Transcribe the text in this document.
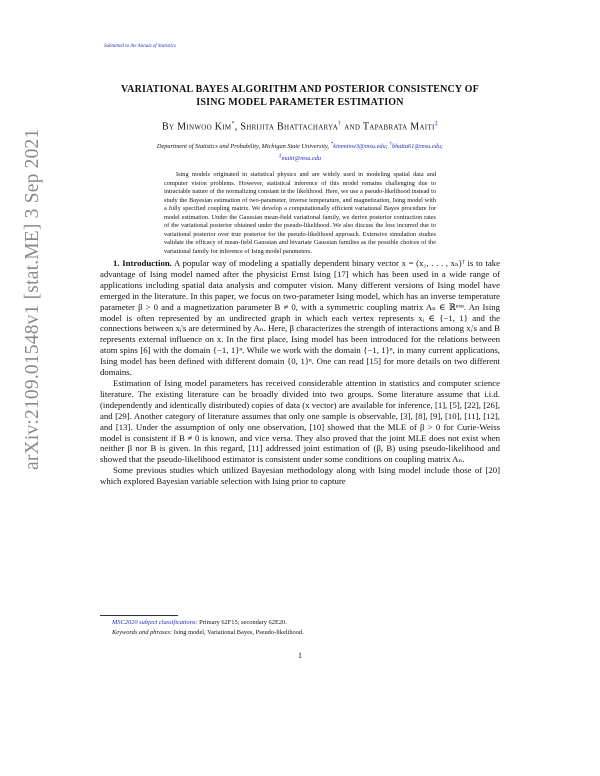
Submitted to the Annals of Statistics
arXiv:2109.01548v1 [stat.ME] 3 Sep 2021
VARIATIONAL BAYES ALGORITHM AND POSTERIOR CONSISTENCY OF
ISING MODEL PARAMETER ESTIMATION
By Minwoo Kim*, Shrijita Bhattacharya† and Tapabrata Maiti‡
Department of Statistics and Probability, Michigan State University, *kimminw3@msu.edu; †bhatta61@msu.edu;
‡maiti@msu.edu
Ising models originated in statistical physics and are widely used in modeling spatial data and computer vision problems. However, statistical inference of this model remains challenging due to intractable nature of the normalizing constant in the likelihood. Here, we use a pseudo-likelihood instead to study the Bayesian estimation of two-parameter, inverse temperature, and magnetization, Ising model with a fully specified coupling matrix. We develop a computationally efficient variational Bayes procedure for model estimation. Under the Gaussian mean-field variational family, we derive posterior contraction rates of the variational posterior obtained under the pseudo-likelihood. We also discuss the loss incurred due to variational posterior over true posterior for the pseudo-likelihood approach. Extensive simulation studies validate the efficacy of mean-field Gaussian and bivariate Gaussian families as the possible choices of the variational family for inference of Ising model parameters.

1. Introduction. A popular way of modeling a spatially dependent binary vector x = (x₁, . . . , xₙ)ᵀ is to take advantage of Ising model named after the physicist Ernst Ising [17] which has been used in a wide range of applications including spatial data analysis and computer vision. Many different versions of Ising model have emerged in the literature. In this paper, we focus on two-parameter Ising model, which has an inverse temperature parameter β > 0 and a magnetization parameter B ≠ 0, with a symmetric coupling matrix Aₙ ∈ ℝⁿˣⁿ. An Ising model is often represented by an undirected graph in which each vertex represents xᵢ ∈ {−1, 1} and the connections between xᵢ's are determined by Aₙ. Here, β characterizes the strength of interactions among xᵢ's and B represents external influence on x. In the first place, Ising model has been introduced for the relations between atom spins [6] with the domain {−1, 1}ⁿ. While we work with the domain {−1, 1}ⁿ, in many current applications, Ising model has been defined with different domain {0, 1}ⁿ. One can read [15] for more details on two different domains.

Estimation of Ising model parameters has received considerable attention in statistics and computer science literature. The existing literature can be broadly divided into two groups. Some literature assume that i.i.d. (independently and identically distributed) copies of data (x vector) are available for inference, [1], [5], [22], [26], and [29]. Another category of literature assumes that only one sample is observable, [3], [8], [9], [10], [11], [12], and [13]. Under the assumption of only one observation, [10] showed that the MLE of β > 0 for Curie-Weiss model is consistent if B ≠ 0 is known, and vice versa. They also proved that the joint MLE does not exist when neither β nor B is given. In this regard, [11] addressed joint estimation of (β, B) using pseudo-likelihood and showed that the pseudo-likelihood estimator is consistent under some conditions on coupling matrix Aₙ.

Some previous studies which utilized Bayesian methodology along with Ising model include those of [20] which explored Bayesian variable selection with Ising prior to capture

MSC2020 subject classifications: Primary 62F15; secondary 62E20.
Keywords and phrases: Ising model, Variational Bayes, Pseudo-likelihood.
1
